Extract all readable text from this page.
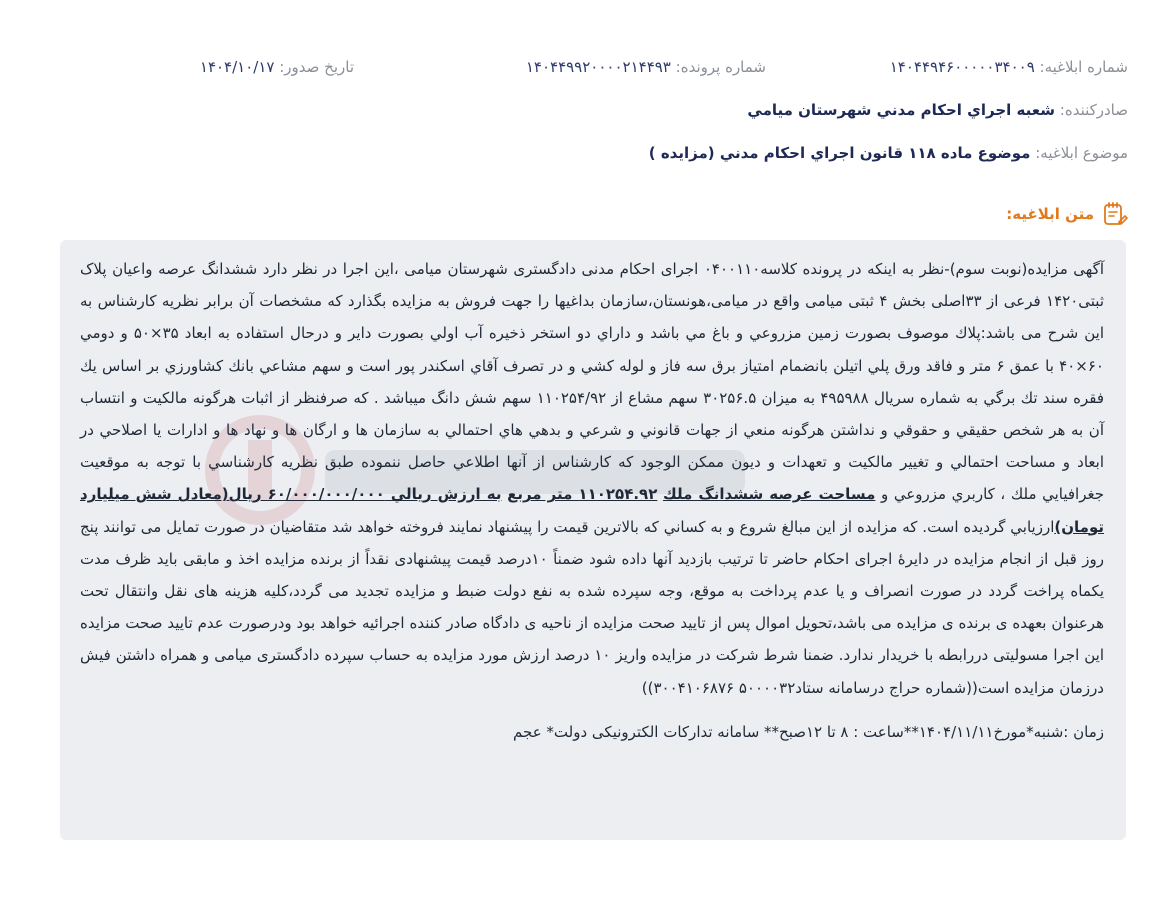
شماره ابلاغیه: ۱۴۰۴۴۹۴۶۰۰۰۰۰۳۴۰۰۹
شماره پرونده: ۱۴۰۴۴۹۹۲۰۰۰۰۲۱۴۴۹۳
تاریخ صدور: ۱۴۰۴/۱۰/۱۷
صادرکننده: شعبه اجراي احكام مدني شهرستان ميامي
موضوع ابلاغیه: موضوع ماده ۱۱۸ قانون اجراي احكام مدني (مزايده )
متن ابلاغیه:

آگهی مزایده(نوبت سوم)-نظر به اینکه در پرونده کلاسه۰۴۰۰۱۱۰ اجرای احکام مدنی دادگستری شهرستان میامی ،این اجرا در نظر دارد ششدانگ عرصه واعیان پلاک ثبتی۱۴۲۰ فرعی از ۳۳اصلی بخش ۴ ثبتی میامی واقع در میامی،هونستان،سازمان بداغیها را جهت فروش به مزایده بگذارد که مشخصات آن برابر نظریه کارشناس به این شرح می باشد:پلاك موصوف بصورت زمين مزروعي و باغ مي باشد و داراي دو استخر ذخيره آب اولي بصورت داير و درحال استفاده به ابعاد ۳۵×۵۰ و دومي ۶۰×۴۰ با عمق ۶ متر و فاقد ورق پلي اتيلن بانضمام امتياز برق سه فاز و لوله كشي و در تصرف آقاي اسكندر پور است و سهم مشاعي بانك كشاورزي بر اساس يك فقره سند تك برگي به شماره سريال ۴۹۵۹۸۸ به ميزان ۳۰۲۵۶.۵ سهم مشاع از ۱۱۰۲۵۴/۹۲ سهم شش دانگ ميباشد . كه صرفنظر از اثبات هرگونه مالكيت و انتساب آن به هر شخص حقيقي و حقوقي و نداشتن هرگونه منعي از جهات قانوني و شرعي و بدهي هاي احتمالي به سازمان ها و ارگان ها و نهاد ها و ادارات يا اصلاحي در ابعاد و مساحت احتمالي و تغيير مالكيت و تعهدات و ديون ممكن الوجود كه كارشناس از آنها اطلاعي حاصل ننموده طبق نظريه كارشناسي با توجه به موقعيت جغرافيايي ملك ، كاربري مزروعي و مساحت عرصه ششدانگ ملك ۱۱۰۲۵۴.۹۲ متر مربع به ارزش ريالي ۶۰/۰۰۰/۰۰۰/۰۰۰ ريال(معادل شش ميليارد تومان)ارزيابي گرديده است. كه مزايده از اين مبالغ شروع و به كساني كه بالاترين قيمت را پيشنهاد نمايند فروخته خواهد شد متقاضيان در صورت تمايل می توانند پنج روز قبل از انجام مزایده در دایرهٔ اجرای احکام حاضر تا ترتیب بازدید آنها داده شود ضمناً ۱۰درصد قیمت پیشنهادی نقداً از برنده مزایده اخذ و مابقی باید ظرف مدت یکماه پراخت گردد در صورت انصراف و یا عدم پرداخت به موقع، وجه سپرده شده به نفع دولت ضبط و مزایده تجدید می گردد،کلیه هزینه های نقل وانتقال تحت هرعنوان بعهده ی برنده ی مزایده می باشد،تحویل اموال پس از تایید صحت مزایده از ناحیه ی دادگاه صادر کننده اجرائیه خواهد بود ودرصورت عدم تایید صحت مزایده این اجرا مسولیتی دررابطه با خریدار ندارد. ضمنا شرط شرکت در مزایده واریز ۱۰ درصد ارزش مورد مزایده به حساب سپرده دادگستری میامی و همراه داشتن فیش درزمان مزایده است((شماره حراج درسامانه ستاد۵۰۰۰۰۳۲ ۳۰۰۴۱۰۶۸۷۶))

زمان :شنبه*مورخ۱۴۰۴/۱۱/۱۱**ساعت : ۸ تا ۱۲صبح** سامانه تدارکات الکترونیکی دولت* عجم
